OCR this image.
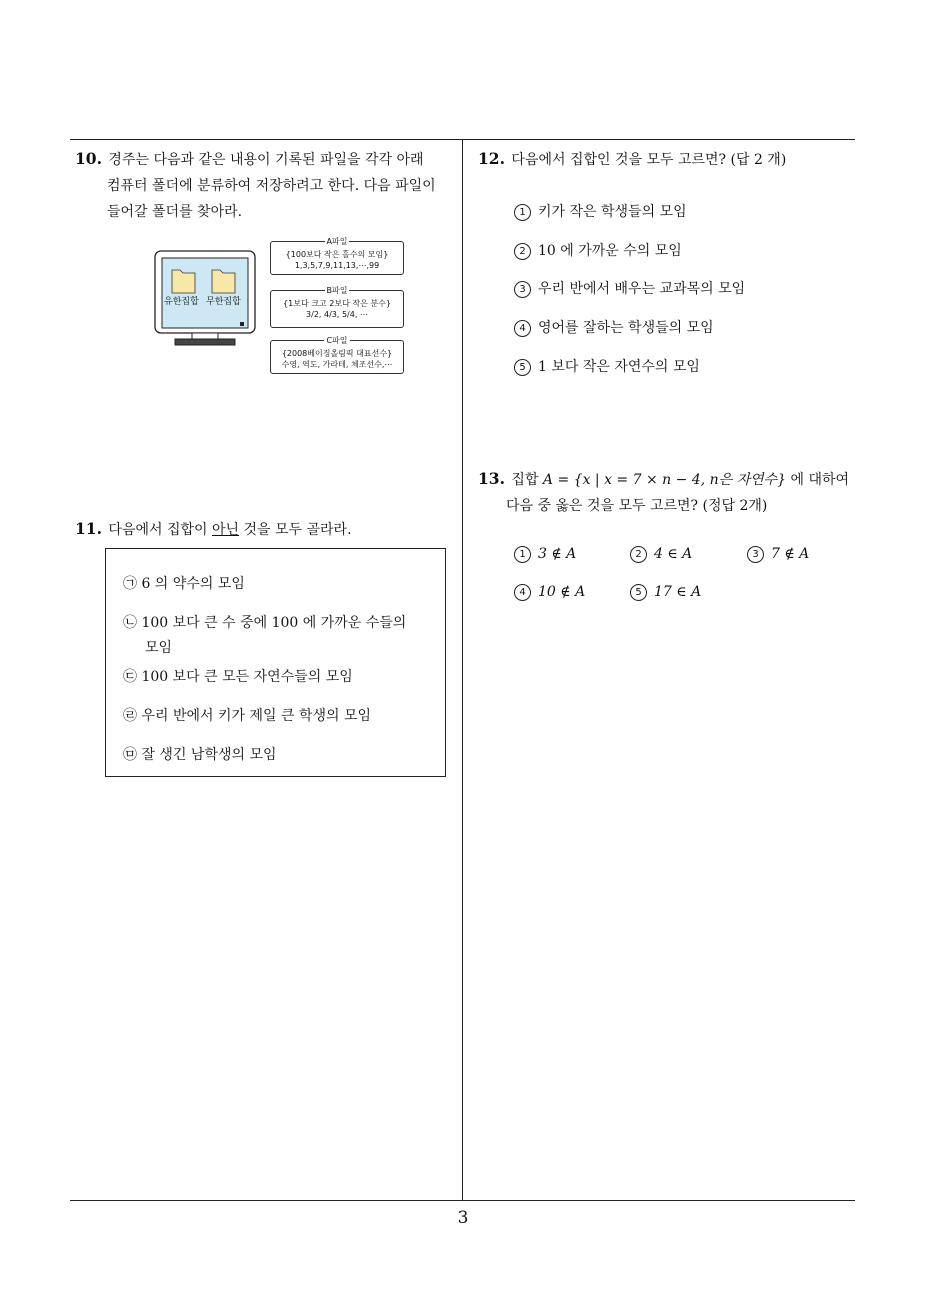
10. 경주는 다음과 같은 내용이 기록된 파일을 각각 아래
컴퓨터 폴더에 분류하여 저장하려고 한다. 다음 파일이
들어갈 폴더를 찾아라.
유한집합 무한집합
A파일
{100보다 작은 홀수의 모임}
1,3,5,7,9,11,13,⋯,99
B파일
{1보다 크고 2보다 작은 분수}
3/2, 4/3, 5/4, ⋯
C파일
{2008베이징올림픽 대표선수}
수영, 역도, 가라테, 체조선수,⋯
11. 다음에서 집합이 아닌 것을 모두 골라라.
㉠ 6 의 약수의 모임
㉡ 100 보다 큰 수 중에 100 에 가까운 수들의
모임
㉢ 100 보다 큰 모든 자연수들의 모임
㉣ 우리 반에서 키가 제일 큰 학생의 모임
㉤ 잘 생긴 남학생의 모임
12. 다음에서 집합인 것을 모두 고르면? (답 2 개)
1 키가 작은 학생들의 모임
2 10 에 가까운 수의 모임
3 우리 반에서 배우는 교과목의 모임
4 영어를 잘하는 학생들의 모임
5 1 보다 작은 자연수의 모임
13. 집합 A = {x | x = 7 × n − 4, n은 자연수} 에 대하여
다음 중 옳은 것을 모두 고르면? (정답 2개)
1 3 ∉ A	2 4 ∈ A	3 7 ∉ A
4 10 ∉ A	5 17 ∈ A
3
